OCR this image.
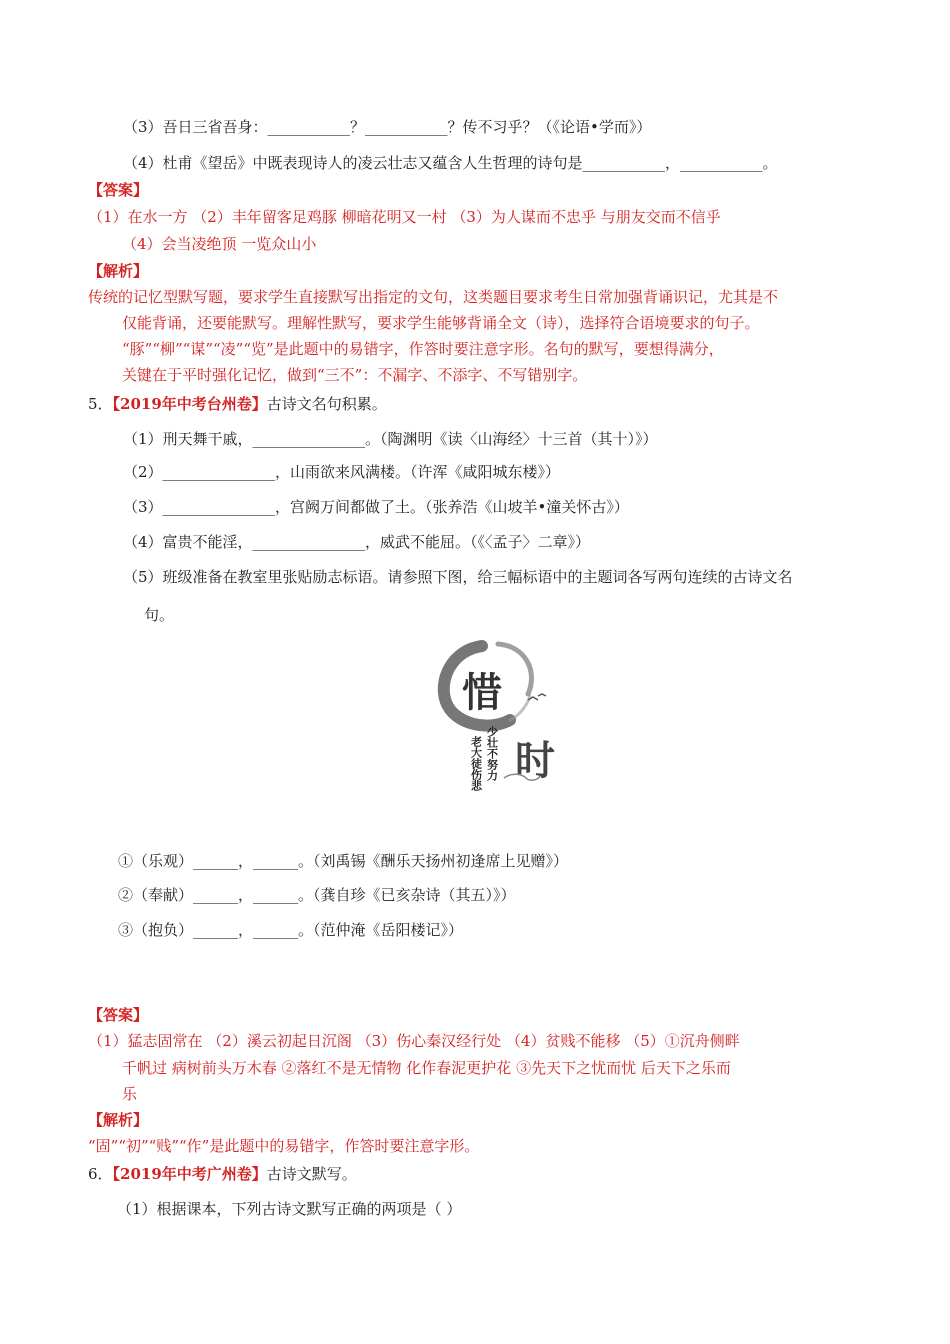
（3）吾日三省吾身：___________？___________？传不习乎？（《论语•学而》）
（4）杜甫《望岳》中既表现诗人的凌云壮志又蕴含人生哲理的诗句是___________，___________。
【答案】
（1）在水一方 （2）丰年留客足鸡豚 柳暗花明又一村 （3）为人谋而不忠乎 与朋友交而不信乎
（4）会当凌绝顶 一览众山小
【解析】
传统的记忆型默写题，要求学生直接默写出指定的文句，这类题目要求考生日常加强背诵识记，尤其是不
仅能背诵，还要能默写。理解性默写，要求学生能够背诵全文（诗），选择符合语境要求的句子。
“豚”“柳”“谋”“凌”“览”是此题中的易错字，作答时要注意字形。名句的默写，要想得满分，
关键在于平时强化记忆，做到“三不”：不漏字、不添字、不写错别字。
5．【2019年中考台州卷】古诗文名句积累。
（1）刑天舞干戚，_______________。（陶渊明《读〈山海经〉十三首（其十）》）
（2）_______________，山雨欲来风满楼。（许浑《咸阳城东楼》）
（3）_______________，宫阙万间都做了土。（张养浩《山坡羊•潼关怀古》）
（4）富贵不能淫，_______________，威武不能屈。（《〈孟子〉二章》）
（5）班级准备在教室里张贴励志标语。请参照下图，给三幅标语中的主题词各写两句连续的古诗文名
句。
惜
时
少壮不努力
老大徒伤悲
①（乐观）______，______。（刘禹锡《酬乐天扬州初逢席上见赠》）
②（奉献）______，______。（龚自珍《已亥杂诗（其五）》）
③（抱负）______，______。（范仲淹《岳阳楼记》）
【答案】
（1）猛志固常在 （2）溪云初起日沉阁 （3）伤心秦汉经行处 （4）贫贱不能移 （5）①沉舟侧畔
千帆过 病树前头万木春 ②落红不是无情物 化作春泥更护花 ③先天下之忧而忧 后天下之乐而
乐
【解析】
“固”“初”“贱”“作”是此题中的易错字，作答时要注意字形。
6．【2019年中考广州卷】古诗文默写。
（1）根据课本，下列古诗文默写正确的两项是（ ）
